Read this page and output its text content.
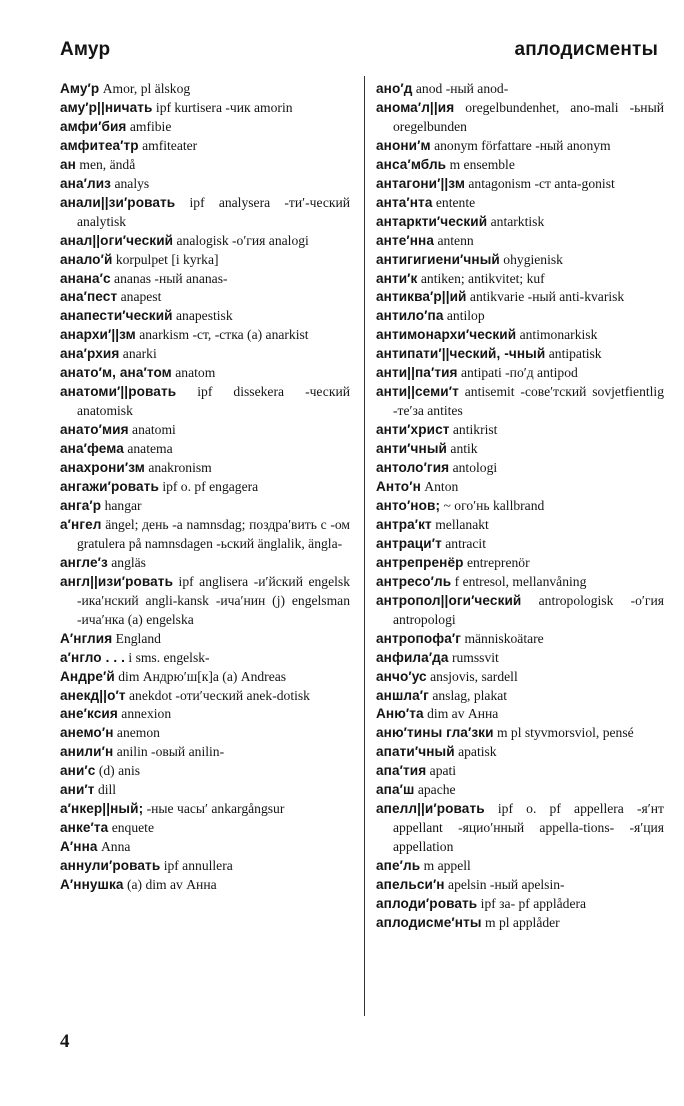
Амур	аплодисменты
Аму′р Amor, pl älskog
аму′р||ничать ipf kurtisera -чик amorin
амфи′бия amfibie
амфитеа′тр amfiteater
ан men, ändå
ана′лиз analys
анали||зи′ровать ipf analysera -ти′-ческий analytisk
анал||оги′ческий analogisk -о′гия analogi
анало′й korpulpet [i kyrka]
анана′с ananas -ный ananas-
ана′пест anapest
анапести′ческий anapestisk
анархи′||зм anarkism -ст, -стка (a) anarkist
ана′рхия anarki
анато′м, ана′том anatom
анатоми′||ровать ipf dissekera -ческий anatomisk
анато′мия anatomi
ана′фема anatema
анахрони′зм anakronism
ангажи′ровать ipf o. pf engagera
анга′р hangar
а′нгел ängel; день -а namnsdag; поздра′вить с -ом gratulera på namnsdagen -ьский änglalik, ängla-
англе′з angläs
англ||изи′ровать ipf anglisera -и′йский engelsk -ика′нский angli-kansk -ича′нин (j) engelsman -ича′нка (a) engelska
А′нглия England
а′нгло . . . i sms. engelsk-
Андре′й dim Андрю′ш[к]а (a) Andreas
анекд||о′т anekdot -оти′ческий anek-dotisk
ане′ксия annexion
анемо′н anemon
анили′н anilin -овый anilin-
ани′с (d) anis
ани′т dill
а′нкер||ный; -ные часы′ ankargångsur
анке′та enquete
А′нна Anna
аннули′ровать ipf annullera
А′ннушка (a) dim av Анна
ано′д anod -ный anod-
анома′л||ия oregelbundenhet, ano-mali -ьный oregelbunden
анони′м anonym författare -ный anonym
анса′мбль m ensemble
антагони′||зм antagonism -ст anta-gonist
анта′нта entente
антаркти′ческий antarktisk
анте′нна antenn
антигигиени′чный ohygienisk
анти′к antiken; antikvitet; kuf
антиква′р||ий antikvarie -ный anti-kvarisk
антило′па antilop
антимонархи′ческий antimonarkisk
антипати′||ческий, -чный antipatisk
анти||па′тия antipati -по′д antipod
анти||семи′т antisemit -сове′тский sovjetfientlig -те′за antites
анти′христ antikrist
анти′чный antik
антоло′гия antologi
Анто′н Anton
анто′нов; ~ ого′нь kallbrand
антра′кт mellanakt
антраци′т antracit
антрепренёр entreprenör
антресо′ль f entresol, mellanvåning
антропол||оги′ческий antropologisk -о′гия antropologi
антропофа′г människoätare
анфила′да rumssvit
анчо′ус ansjovis, sardell
аншла′г anslag, plakat
Аню′та dim av Анна
аню′тины гла′зки m pl styvmorsviol, pensé
апати′чный apatisk
апа′тия apati
апа′ш apache
апелл||и′ровать ipf o. pf appellera -я′нт appellant -яцио′нный appella-tions- -я′ция appellation
апе′ль m appell
апельси′н apelsin -ный apelsin-
аплоди′ровать ipf за- pf applådera
аплодисме′нты m pl applåder
4
